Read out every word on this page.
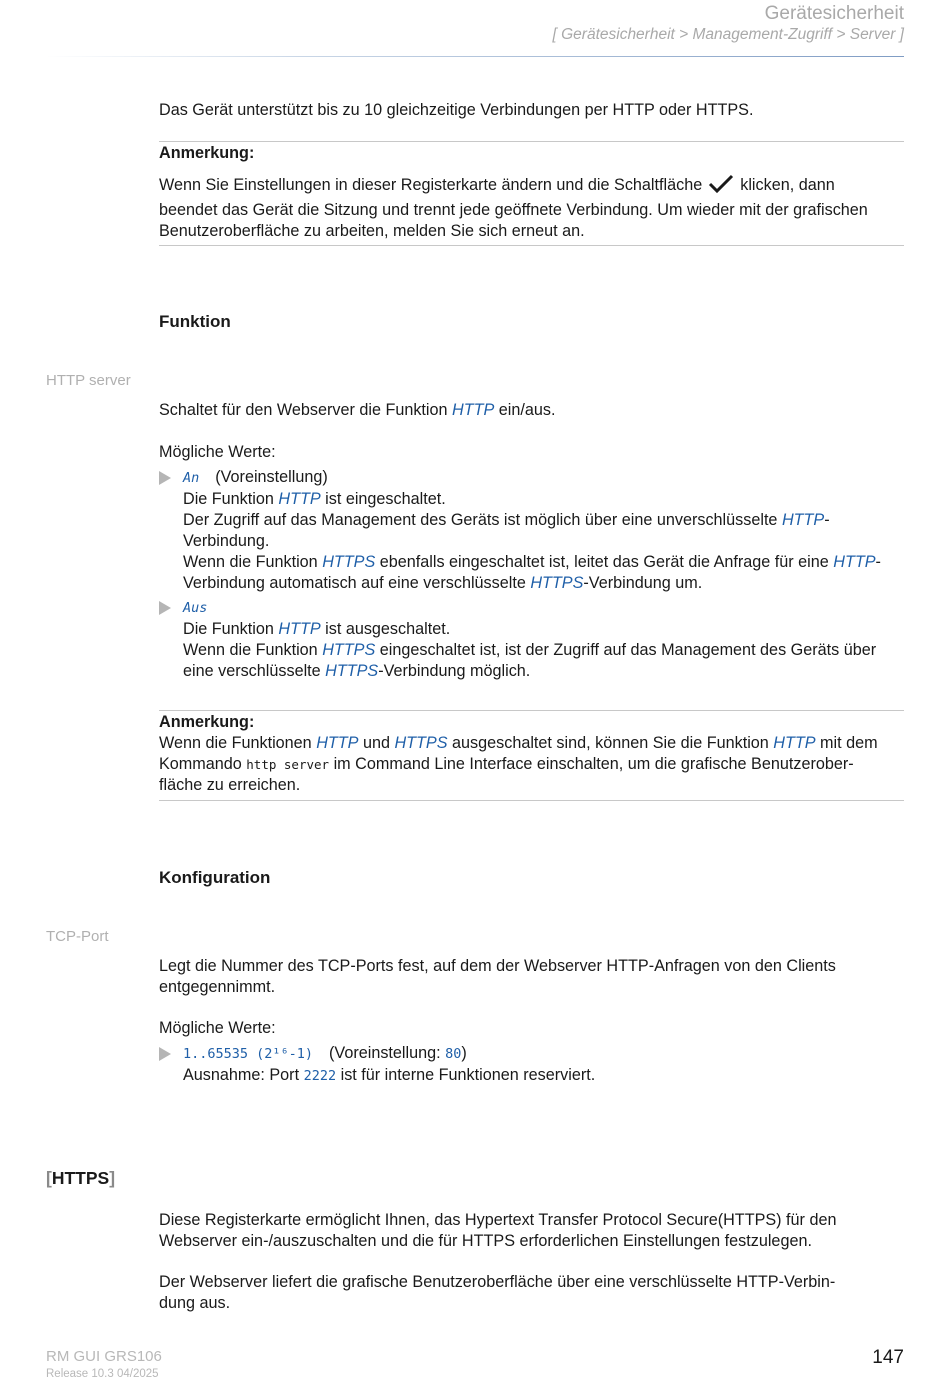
Gerätesicherheit
[ Gerätesicherheit > Management-Zugriff > Server ]
Das Gerät unterstützt bis zu 10 gleichzeitige Verbindungen per HTTP oder HTTPS.
Anmerkung:
Wenn Sie Einstellungen in dieser Registerkarte ändern und die Schaltfläche klicken, dann
beendet das Gerät die Sitzung und trennt jede geöffnete Verbindung. Um wieder mit der grafischen
Benutzeroberfläche zu arbeiten, melden Sie sich erneut an.
Funktion
HTTP server
Schaltet für den Webserver die Funktion HTTP ein/aus.
Mögliche Werte:
An (Voreinstellung)
Die Funktion HTTP ist eingeschaltet.
Der Zugriff auf das Management des Geräts ist möglich über eine unverschlüsselte HTTP-
Verbindung.
Wenn die Funktion HTTPS ebenfalls eingeschaltet ist, leitet das Gerät die Anfrage für eine HTTP-
Verbindung automatisch auf eine verschlüsselte HTTPS-Verbindung um.
Aus
Die Funktion HTTP ist ausgeschaltet.
Wenn die Funktion HTTPS eingeschaltet ist, ist der Zugriff auf das Management des Geräts über
eine verschlüsselte HTTPS-Verbindung möglich.
Anmerkung:
Wenn die Funktionen HTTP und HTTPS ausgeschaltet sind, können Sie die Funktion HTTP mit dem
Kommando http server im Command Line Interface einschalten, um die grafische Benutzerober-
fläche zu erreichen.
Konfiguration
TCP-Port
Legt die Nummer des TCP-Ports fest, auf dem der Webserver HTTP-Anfragen von den Clients
entgegennimmt.
Mögliche Werte:
1..65535 (2¹⁶-1) (Voreinstellung: 80)
Ausnahme: Port 2222 ist für interne Funktionen reserviert.
[HTTPS]
Diese Registerkarte ermöglicht Ihnen, das Hypertext Transfer Protocol Secure(HTTPS) für den
Webserver ein-/auszuschalten und die für HTTPS erforderlichen Einstellungen festzulegen.
Der Webserver liefert die grafische Benutzeroberfläche über eine verschlüsselte HTTP-Verbin-
dung aus.
RM GUI GRS106
Release 10.3 04/2025
147
